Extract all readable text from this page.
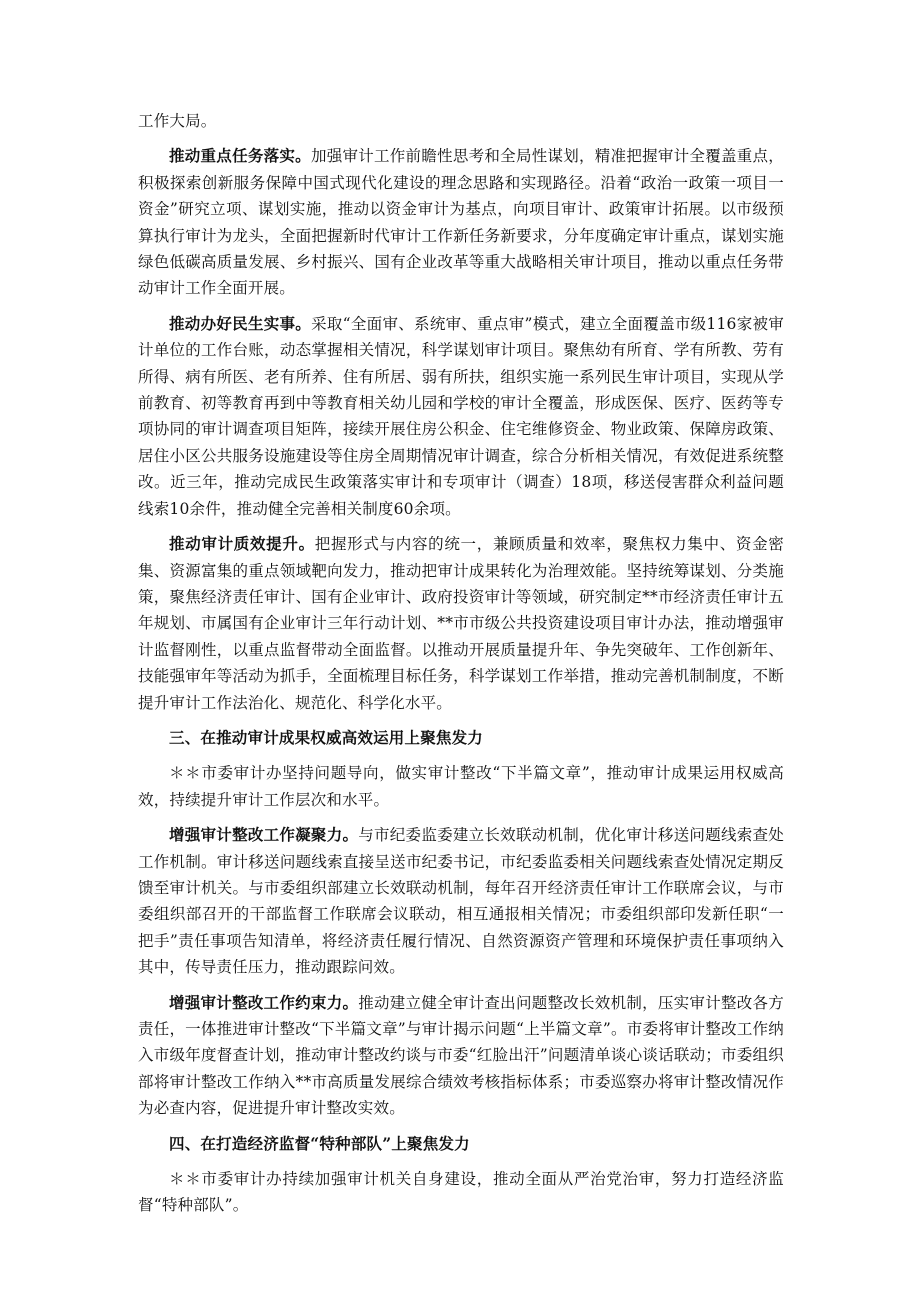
工作大局。

推动重点任务落实。加强审计工作前瞻性思考和全局性谋划，精准把握审计全覆盖重点，积极探索创新服务保障中国式现代化建设的理念思路和实现路径。沿着“政治一政策一项目一资金”研究立项、谋划实施，推动以资金审计为基点，向项目审计、政策审计拓展。以市级预算执行审计为龙头，全面把握新时代审计工作新任务新要求，分年度确定审计重点，谋划实施绿色低碳高质量发展、乡村振兴、国有企业改革等重大战略相关审计项目，推动以重点任务带动审计工作全面开展。

推动办好民生实事。采取“全面审、系统审、重点审”模式，建立全面覆盖市级116家被审计单位的工作台账，动态掌握相关情况，科学谋划审计项目。聚焦幼有所育、学有所教、劳有所得、病有所医、老有所养、住有所居、弱有所扶，组织实施一系列民生审计项目，实现从学前教育、初等教育再到中等教育相关幼儿园和学校的审计全覆盖，形成医保、医疗、医药等专项协同的审计调查项目矩阵，接续开展住房公积金、住宅维修资金、物业政策、保障房政策、居住小区公共服务设施建设等住房全周期情况审计调查，综合分析相关情况，有效促进系统整改。近三年，推动完成民生政策落实审计和专项审计（调查）18项，移送侵害群众利益问题线索10余件，推动健全完善相关制度60余项。

推动审计质效提升。把握形式与内容的统一，兼顾质量和效率，聚焦权力集中、资金密集、资源富集的重点领域靶向发力，推动把审计成果转化为治理效能。坚持统筹谋划、分类施策，聚焦经济责任审计、国有企业审计、政府投资审计等领域，研究制定**市经济责任审计五年规划、市属国有企业审计三年行动计划、**市市级公共投资建设项目审计办法，推动增强审计监督刚性，以重点监督带动全面监督。以推动开展质量提升年、争先突破年、工作创新年、技能强审年等活动为抓手，全面梳理目标任务，科学谋划工作举措，推动完善机制制度，不断提升审计工作法治化、规范化、科学化水平。

三、在推动审计成果权威高效运用上聚焦发力

＊＊市委审计办坚持问题导向，做实审计整改“下半篇文章”，推动审计成果运用权威高效，持续提升审计工作层次和水平。

增强审计整改工作凝聚力。与市纪委监委建立长效联动机制，优化审计移送问题线索查处工作机制。审计移送问题线索直接呈送市纪委书记，市纪委监委相关问题线索查处情况定期反馈至审计机关。与市委组织部建立长效联动机制，每年召开经济责任审计工作联席会议，与市委组织部召开的干部监督工作联席会议联动，相互通报相关情况；市委组织部印发新任职“一把手”责任事项告知清单，将经济责任履行情况、自然资源资产管理和环境保护责任事项纳入其中，传导责任压力，推动跟踪问效。

增强审计整改工作约束力。推动建立健全审计查出问题整改长效机制，压实审计整改各方责任，一体推进审计整改“下半篇文章”与审计揭示问题“上半篇文章”。市委将审计整改工作纳入市级年度督查计划，推动审计整改约谈与市委“红脸出汗”问题清单谈心谈话联动；市委组织部将审计整改工作纳入**市高质量发展综合绩效考核指标体系；市委巡察办将审计整改情况作为必查内容，促进提升审计整改实效。

四、在打造经济监督“特种部队”上聚焦发力

＊＊市委审计办持续加强审计机关自身建设，推动全面从严治党治审，努力打造经济监督“特种部队”。
